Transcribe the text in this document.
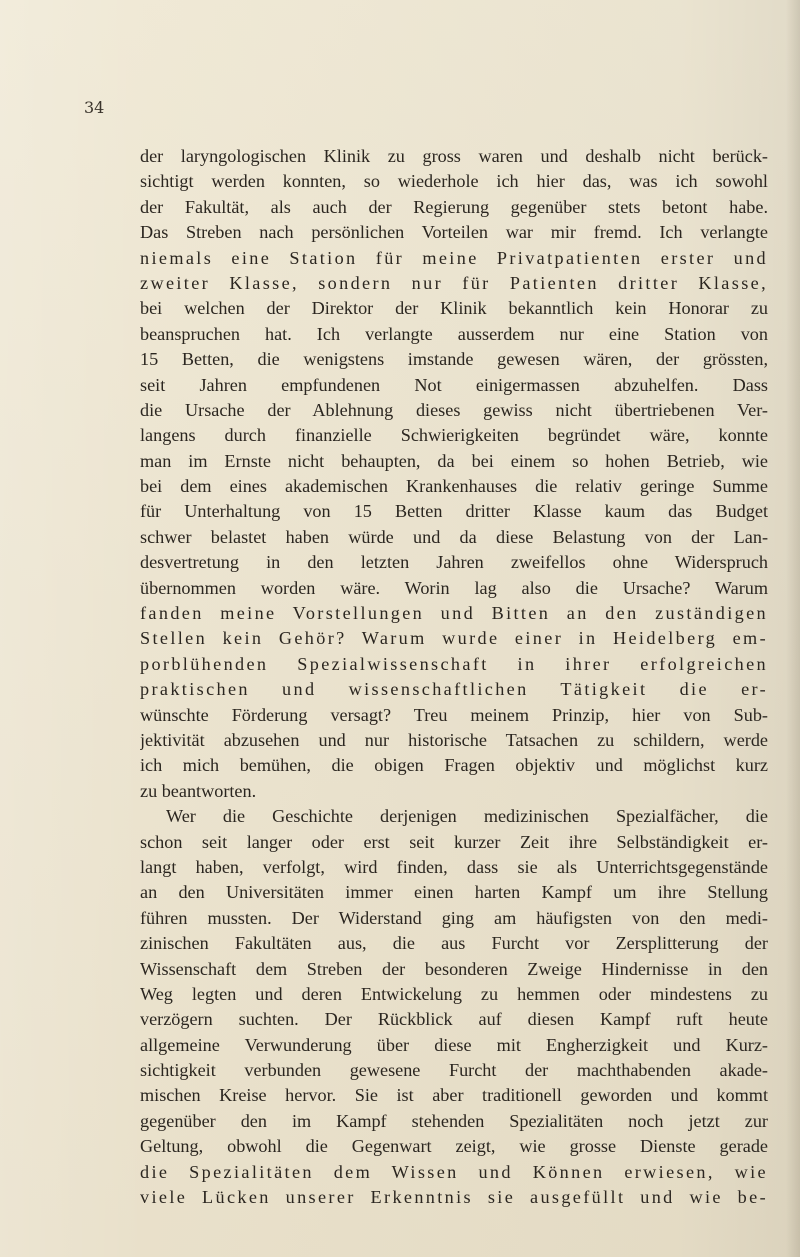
34
der laryngologischen Klinik zu gross waren und deshalb nicht berück-
sichtigt werden konnten, so wiederhole ich hier das, was ich sowohl
der Fakultät, als auch der Regierung gegenüber stets betont habe.
Das Streben nach persönlichen Vorteilen war mir fremd. Ich verlangte
niemals eine Station für meine Privatpatienten erster und
zweiter Klasse, sondern nur für Patienten dritter Klasse,
bei welchen der Direktor der Klinik bekanntlich kein Honorar zu
beanspruchen hat. Ich verlangte ausserdem nur eine Station von
15 Betten, die wenigstens imstande gewesen wären, der grössten,
seit Jahren empfundenen Not einigermassen abzuhelfen. Dass
die Ursache der Ablehnung dieses gewiss nicht übertriebenen Ver-
langens durch finanzielle Schwierigkeiten begründet wäre, konnte
man im Ernste nicht behaupten, da bei einem so hohen Betrieb, wie
bei dem eines akademischen Krankenhauses die relativ geringe Summe
für Unterhaltung von 15 Betten dritter Klasse kaum das Budget
schwer belastet haben würde und da diese Belastung von der Lan-
desvertretung in den letzten Jahren zweifellos ohne Widerspruch
übernommen worden wäre. Worin lag also die Ursache? Warum
fanden meine Vorstellungen und Bitten an den zuständigen
Stellen kein Gehör? Warum wurde einer in Heidelberg em-
porblühenden Spezialwissenschaft in ihrer erfolgreichen
praktischen und wissenschaftlichen Tätigkeit die er-
wünschte Förderung versagt? Treu meinem Prinzip, hier von Sub-
jektivität abzusehen und nur historische Tatsachen zu schildern, werde
ich mich bemühen, die obigen Fragen objektiv und möglichst kurz
zu beantworten.
Wer die Geschichte derjenigen medizinischen Spezialfächer, die
schon seit langer oder erst seit kurzer Zeit ihre Selbständigkeit er-
langt haben, verfolgt, wird finden, dass sie als Unterrichtsgegenstände
an den Universitäten immer einen harten Kampf um ihre Stellung
führen mussten. Der Widerstand ging am häufigsten von den medi-
zinischen Fakultäten aus, die aus Furcht vor Zersplitterung der
Wissenschaft dem Streben der besonderen Zweige Hindernisse in den
Weg legten und deren Entwickelung zu hemmen oder mindestens zu
verzögern suchten. Der Rückblick auf diesen Kampf ruft heute
allgemeine Verwunderung über diese mit Engherzigkeit und Kurz-
sichtigkeit verbunden gewesene Furcht der machthabenden akade-
mischen Kreise hervor. Sie ist aber traditionell geworden und kommt
gegenüber den im Kampf stehenden Spezialitäten noch jetzt zur
Geltung, obwohl die Gegenwart zeigt, wie grosse Dienste gerade
die Spezialitäten dem Wissen und Können erwiesen, wie
viele Lücken unserer Erkenntnis sie ausgefüllt und wie be-
